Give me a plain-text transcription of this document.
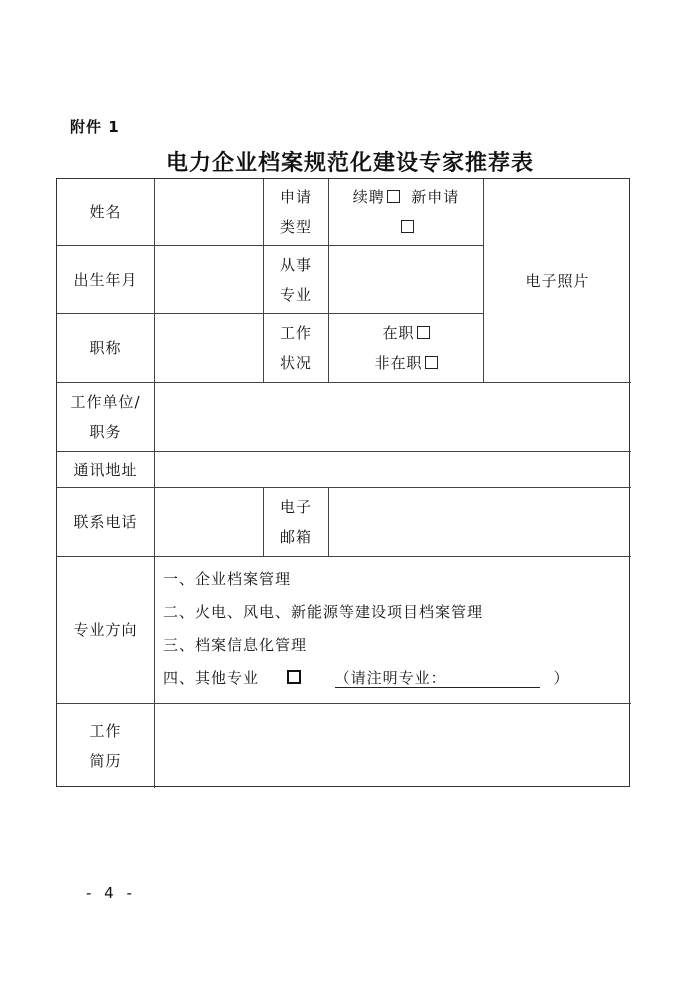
附件 1
电力企业档案规范化建设专家推荐表
姓名
申请
类型
续聘 新申请
电子照片
出生年月
从事
专业
职称
工作
状况
在职
非在职
工作单位/
职务
通讯地址
联系电话
电子
邮箱
专业方向
一、企业档案管理
二、火电、风电、新能源等建设项目档案管理
三、档案信息化管理
四、其他专业	（请注明专业：	）
工作
简历
- 4 -
